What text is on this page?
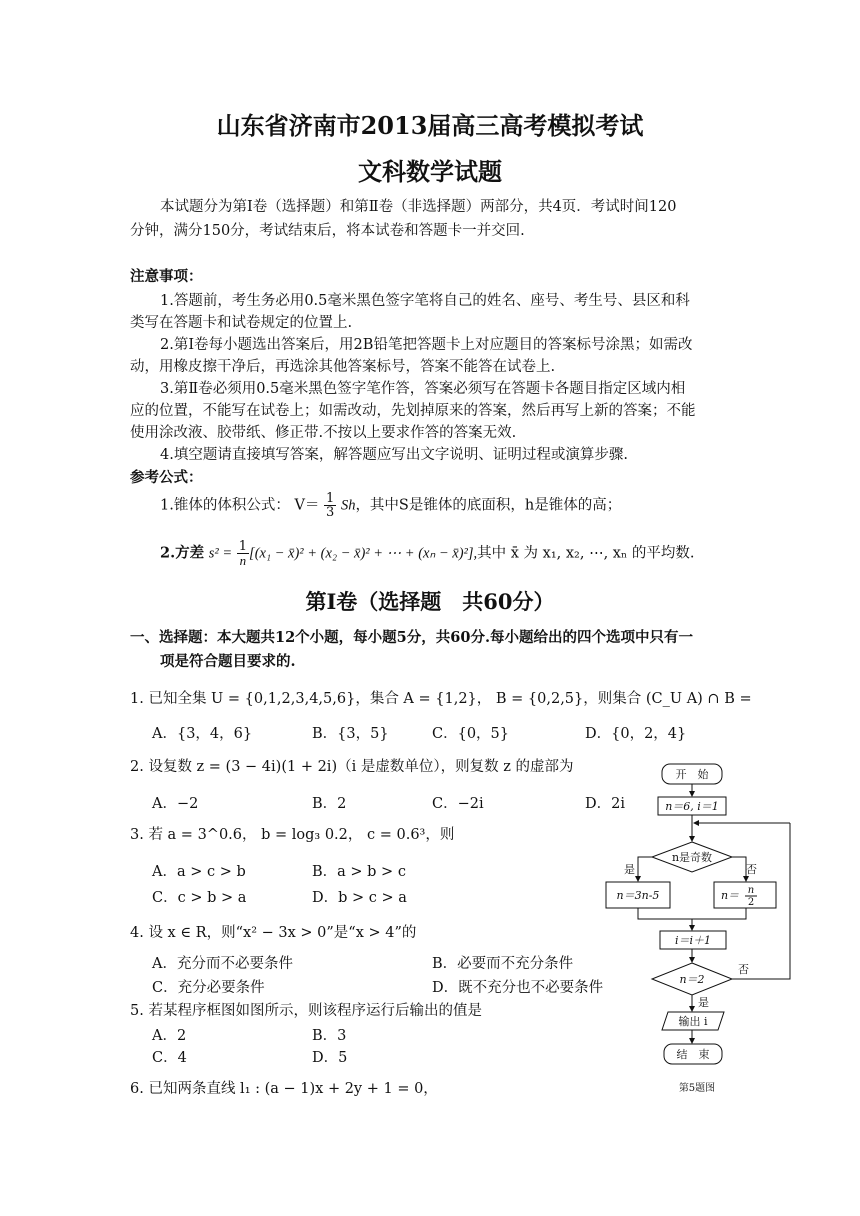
山东省济南市2013届高三高考模拟考试
文科数学试题
本试题分为第Ⅰ卷（选择题）和第Ⅱ卷（非选择题）两部分，共4页．考试时间120
分钟，满分150分，考试结束后，将本试卷和答题卡一并交回.
注意事项：
1.答题前，考生务必用0.5毫米黑色签字笔将自己的姓名、座号、考生号、县区和科
类写在答题卡和试卷规定的位置上.
2.第Ⅰ卷每小题选出答案后，用2B铅笔把答题卡上对应题目的答案标号涂黑；如需改
动，用橡皮擦干净后，再选涂其他答案标号，答案不能答在试卷上.
3.第Ⅱ卷必须用0.5毫米黑色签字笔作答，答案必须写在答题卡各题目指定区域内相
应的位置，不能写在试卷上；如需改动，先划掉原来的答案，然后再写上新的答案；不能
使用涂改液、胶带纸、修正带.不按以上要求作答的答案无效.
4.填空题请直接填写答案，解答题应写出文字说明、证明过程或演算步骤.
参考公式：
1.锥体的体积公式： $V= \frac{1}{3}$ Sh，其中S是锥体的底面积，h是锥体的高；
2.方差 $s^2 = \frac{1}{n} [(x_1$ − x̄)² + (x₂ − x̄)² + ⋯ + (xₙ − x̄)²],其中 x̄ 为 x₁, x₂, ⋯, xₙ 的平均数.
第Ⅰ卷（选择题　共60分）
一、选择题：本大题共12个小题，每小题5分，共60分.每小题给出的四个选项中只有一
项是符合题目要求的.
1. 已知全集 U = {0,1,2,3,4,5,6}，集合 A = {1,2}， B = {0,2,5}，则集合 (C_U A) ∩ B =
A．{3，4，6}	B．{3，5}	C．{0，5}	D．{0，2，4}
2. 设复数 z = (3 − 4i)(1 + 2i)（i 是虚数单位），则复数 z 的虚部为
A．−2	B．2	C．−2i	D．2i
3. 若 a = 3^0.6， b = log₃ 0.2， c = 0.6³，则
A．a > c > b	B．a > b > c
C．c > b > a	D．b > c > a
4. 设 x ∈ R，则“x² − 3x > 0”是“x > 4”的
A．充分而不必要条件	B．必要而不充分条件
C．充分必要条件	D．既不充分也不必要条件
5. 若某程序框图如图所示，则该程序运行后输出的值是
A．2	B．3
C．4	D．5
6. 已知两条直线 l₁ : (a − 1)x + 2y + 1 = 0，
开　始
n＝6, i＝1
n是奇数
是
n＝3n-5
否
n＝ n
2
i＝i＋1
n＝2
否
是
输出 i
结　束
第5题图
